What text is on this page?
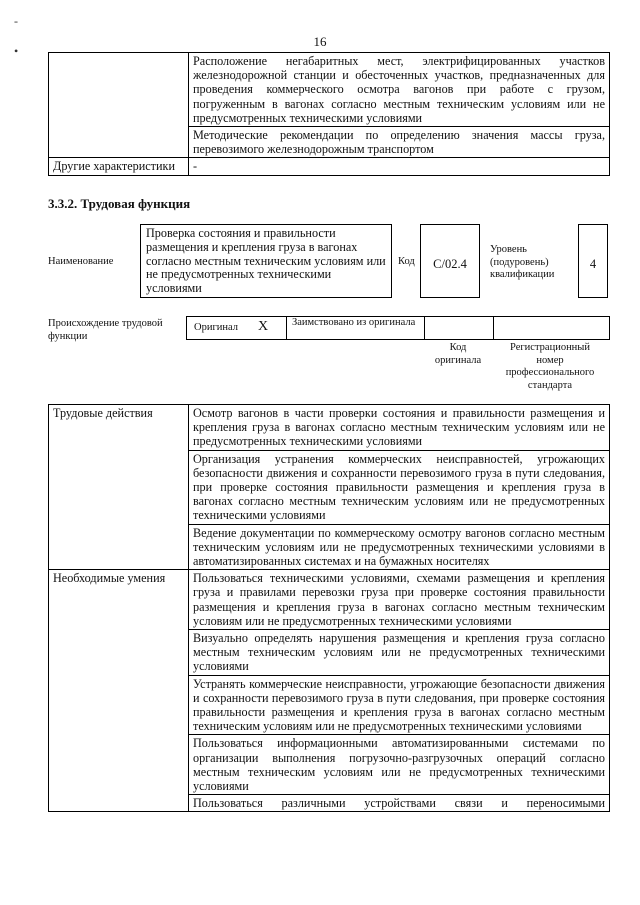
-
•
16
	Расположение негабаритных мест, электрифицированных участков железнодорожной станции и обесточенных участков, предназначенных для проведения коммерческого осмотра вагонов при работе с грузом, погруженным в вагонах согласно местным техническим условиям или не предусмотренных техническими условиями
	Методические рекомендации по определению значения массы груза, перевозимого железнодорожным транспортом
Другие характеристики	-
3.3.2. Трудовая функция
Наименование
Проверка состояния и правильности размещения и крепления груза в вагонах согласно местным техническим условиям или не предусмотренных техническими условиями
Код	С/02.4
Уровень (подуровень) квалификации
4
Происхождение трудовой функции
Оригинал X Заимствовано из оригинала
Код оригинала
Регистрационный номер профессионального стандарта
Трудовые действия	Осмотр вагонов в части проверки состояния и правильности размещения и крепления груза в вагонах согласно местным техническим условиям или не предусмотренных техническими условиями
	Организация устранения коммерческих неисправностей, угрожающих безопасности движения и сохранности перевозимого груза в пути следования, при проверке состояния правильности размещения и крепления груза в вагонах согласно местным техническим условиям или не предусмотренных техническими условиями
	Ведение документации по коммерческому осмотру вагонов согласно местным техническим условиям или не предусмотренных техническими условиями в автоматизированных системах и на бумажных носителях
Необходимые умения	Пользоваться техническими условиями, схемами размещения и крепления груза и правилами перевозки груза при проверке состояния правильности размещения и крепления груза в вагонах согласно местным техническим условиям или не предусмотренных техническими условиями
	Визуально определять нарушения размещения и крепления груза согласно местным техническим условиям или не предусмотренных техническими условиями
	Устранять коммерческие неисправности, угрожающие безопасности движения и сохранности перевозимого груза в пути следования, при проверке состояния правильности размещения и крепления груза в вагонах согласно местным техническим условиям или не предусмотренных техническими условиями
	Пользоваться информационными автоматизированными системами по организации выполнения погрузочно-разгрузочных операций согласно местным техническим условиям или не предусмотренных техническими условиями
	Пользоваться различными устройствами связи и переносимыми
